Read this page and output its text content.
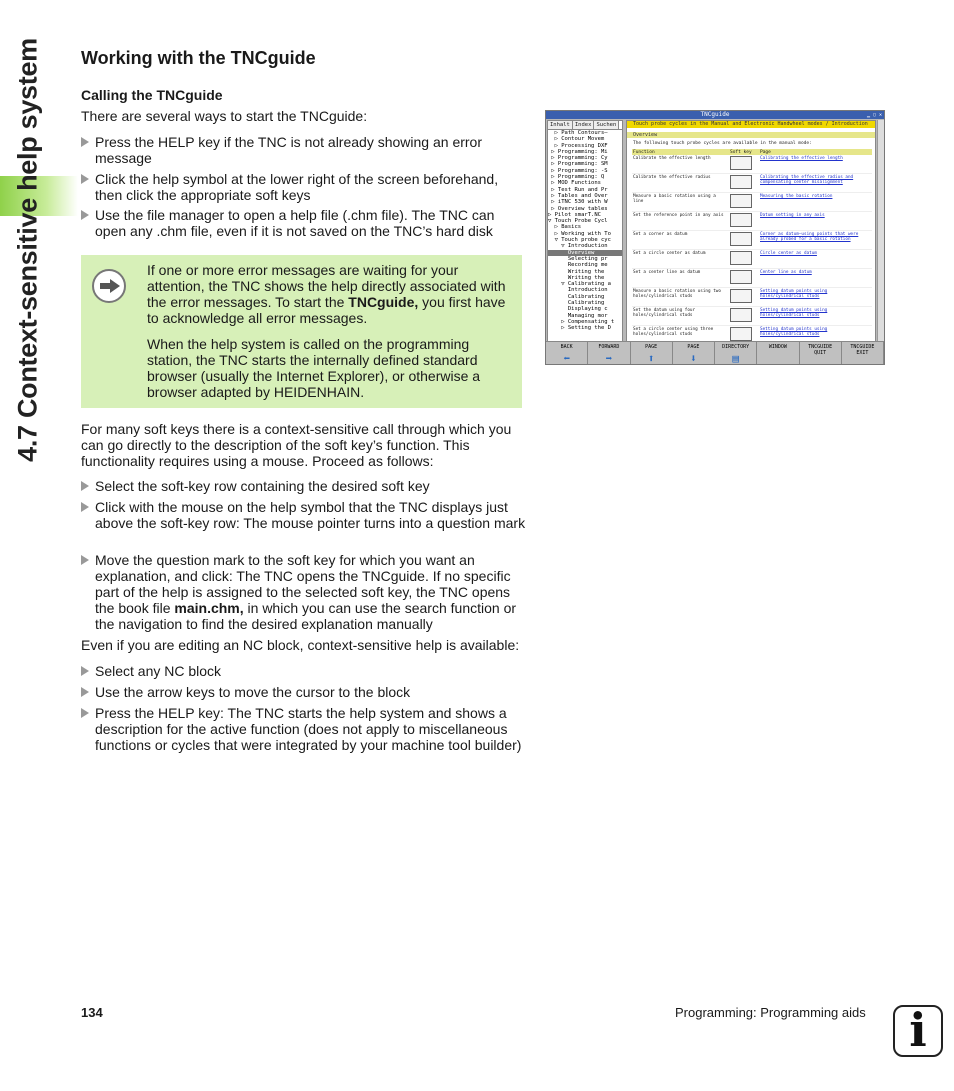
4.7 Context-sensitive help system Working with the TNCguide
Calling the TNCguide
There are several ways to start the TNCguide:
Press the HELP key if the TNC is not already showing an error message
Click the help symbol at the lower right of the screen beforehand, then click the appropriate soft keys
Use the file manager to open a help file (.chm file). The TNC can open any .chm file, even if it is not saved on the TNC’s hard disk
If one or more error messages are waiting for your attention, the TNC shows the help directly associated with the error messages. To start the TNCguide, you first have to acknowledge all error messages.
When the help system is called on the programming station, the TNC starts the internally defined standard browser (usually the Internet Explorer), or otherwise a browser adapted by HEIDENHAIN.
For many soft keys there is a context-sensitive call through which you can go directly to the description of the soft key’s function. This functionality requires using a mouse. Proceed as follows:
Select the soft-key row containing the desired soft key
Click with the mouse on the help symbol that the TNC displays just above the soft-key row: The mouse pointer turns into a question mark
Move the question mark to the soft key for which you want an explanation, and click: The TNC opens the TNCguide. If no specific part of the help is assigned to the selected soft key, the TNC opens the book file main.chm, in which you can use the search function or the navigation to find the desired explanation manually
Even if you are editing an NC block, context-sensitive help is available:
Select any NC block
Use the arrow keys to move the cursor to the block
Press the HELP key: The TNC starts the help system and shows a description for the active function (does not apply to miscellaneous functions or cycles that were integrated by your machine tool builder)
TNCguide	▁ ▢ ✕
Inhalt Index Suchen
▷ Path Contours—
▷ Contour Movem
▷ Processing DXF
▷ Programming: Mi
▷ Programming: Cy
▷ Programming: SM
▷ Programming: -S
▷ Programming: Q
▷ MOD Functions
▷ Test Run and Pr
▷ Tables and Over
▷ iTNC 530 with W
▷ Overview tables
▷ Pilot smarT.NC
▽ Touch Probe Cycl
▷ Basics
▷ Working with To
▽ Touch probe cyc
▽ Introduction
Overview
Selecting pr
Recording me
Writing the
Writing the
▽ Calibrating a
Introduction
Calibrating
Calibrating
Displaying c
Managing mor
▷ Compensating t
▷ Setting the D
Touch probe cycles in the Manual and Electronic Handwheel modes / Introduction
Overview
The following touch probe cycles are available in the manual mode:
Function	Soft key	Page
Calibrate the effective length		Calibrating the effective length
Calibrate the effective radius		Calibrating the effective radius and compensating center misalignment
Measure a basic rotation using a line		Measuring the basic rotation
Set the reference point in any axis		Datum setting in any axis
Set a corner as datum		Corner as datum—using points that were already probed for a basic rotation
Set a circle center as datum		Circle center as datum
Set a center line as datum		Center line as datum
Measure a basic rotation using two holes/cylindrical studs		Setting datum points using holes/cylindrical studs
Set the datum using four holes/cylindrical studs		Setting datum points using holes/cylindrical studs
Set a circle center using three holes/cylindrical studs		Setting datum points using holes/cylindrical studs
BACK
⬅
FORWARD
➡
PAGE
⬆
PAGE
⬇
DIRECTORY
▤
WINDOW	TNCGUIDE
QUIT
TNCGUIDE
EXIT
134	Programming: Programming aids i
